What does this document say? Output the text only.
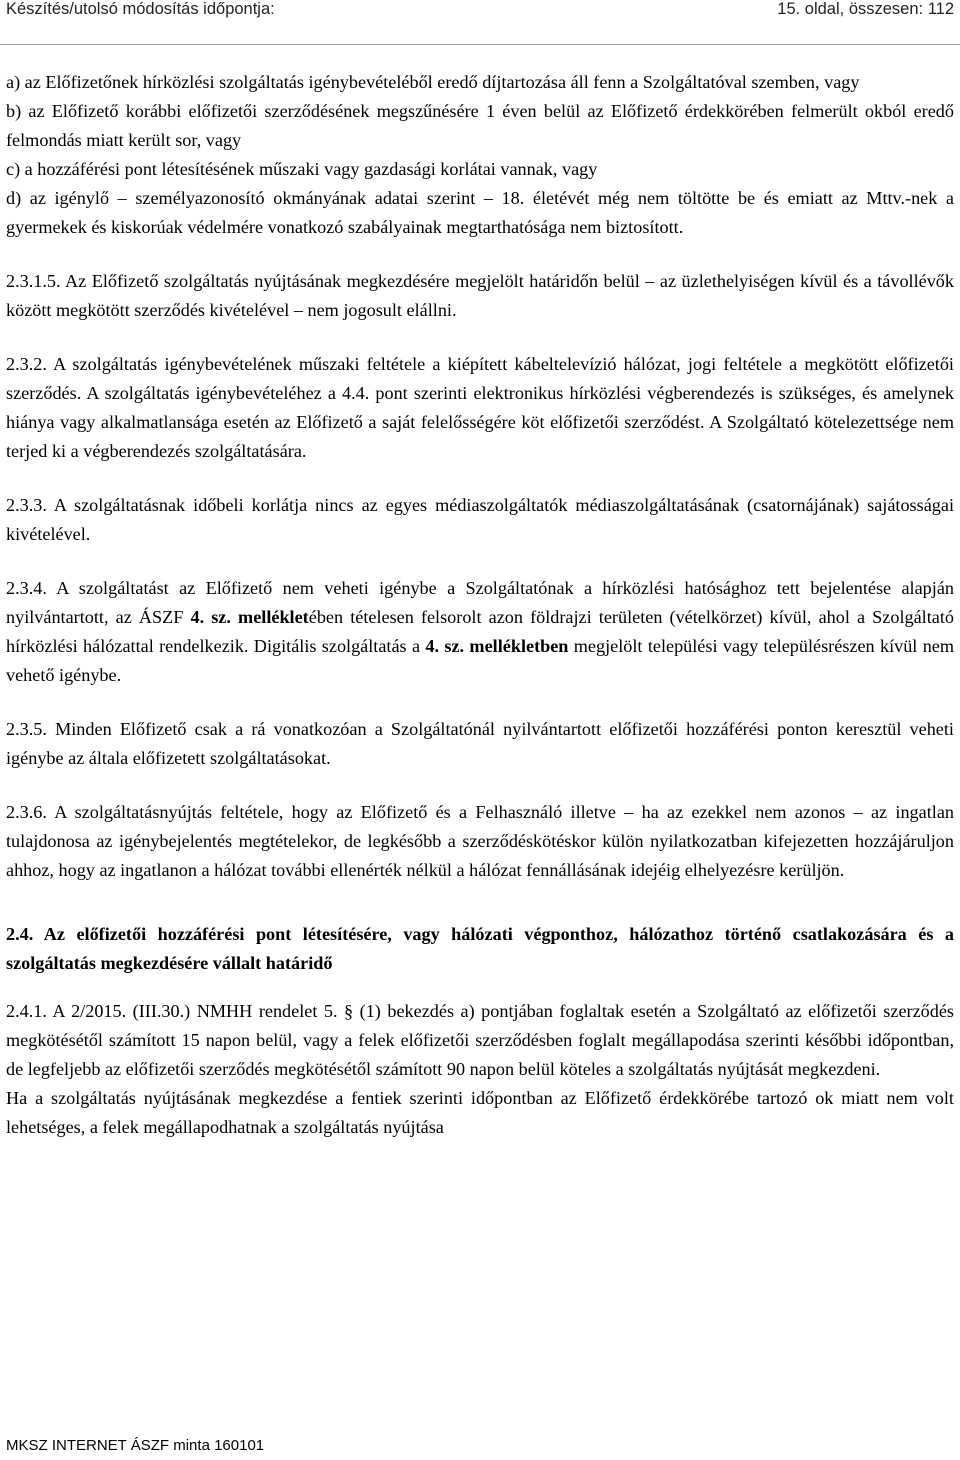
Készítés/utolsó módosítás időpontja:	15. oldal, összesen: 112

a) az Előfizetőnek hírközlési szolgáltatás igénybevételéből eredő díjtartozása áll fenn a Szolgáltatóval szemben, vagy

b) az Előfizető korábbi előfizetői szerződésének megszűnésére 1 éven belül az Előfizető érdekkörében felmerült okból eredő felmondás miatt került sor, vagy

c) a hozzáférési pont létesítésének műszaki vagy gazdasági korlátai vannak, vagy

d) az igénylő – személyazonosító okmányának adatai szerint – 18. életévét még nem töltötte be és emiatt az Mttv.-nek a gyermekek és kiskorúak védelmére vonatkozó szabályainak megtarthatósága nem biztosított.

2.3.1.5. Az Előfizető szolgáltatás nyújtásának megkezdésére megjelölt határidőn belül – az üzlethelyiségen kívül és a távollévők között megkötött szerződés kivételével – nem jogosult elállni.

2.3.2. A szolgáltatás igénybevételének műszaki feltétele a kiépített kábeltelevízió hálózat, jogi feltétele a megkötött előfizetői szerződés. A szolgáltatás igénybevételéhez a 4.4. pont szerinti elektronikus hírközlési végberendezés is szükséges, és amelynek hiánya vagy alkalmatlansága esetén az Előfizető a saját felelősségére köt előfizetői szerződést. A Szolgáltató kötelezettsége nem terjed ki a végberendezés szolgáltatására.

2.3.3. A szolgáltatásnak időbeli korlátja nincs az egyes médiaszolgáltatók médiaszolgáltatásának (csatornájának) sajátosságai kivételével.

2.3.4. A szolgáltatást az Előfizető nem veheti igénybe a Szolgáltatónak a hírközlési hatósághoz tett bejelentése alapján nyilvántartott, az ÁSZF 4. sz. mellékletében tételesen felsorolt azon földrajzi területen (vételkörzet) kívül, ahol a Szolgáltató hírközlési hálózattal rendelkezik. Digitális szolgáltatás a 4. sz. mellékletben megjelölt települési vagy településrészen kívül nem vehető igénybe.

2.3.5. Minden Előfizető csak a rá vonatkozóan a Szolgáltatónál nyilvántartott előfizetői hozzáférési ponton keresztül veheti igénybe az általa előfizetett szolgáltatásokat.

2.3.6. A szolgáltatásnyújtás feltétele, hogy az Előfizető és a Felhasználó illetve – ha az ezekkel nem azonos – az ingatlan tulajdonosa az igénybejelentés megtételekor, de legkésőbb a szerződéskötéskor külön nyilatkozatban kifejezetten hozzájáruljon ahhoz, hogy az ingatlanon a hálózat további ellenérték nélkül a hálózat fennállásának idejéig elhelyezésre kerüljön.

2.4. Az előfizetői hozzáférési pont létesítésére, vagy hálózati végponthoz, hálózathoz történő csatlakozására és a szolgáltatás megkezdésére vállalt határidő

2.4.1. A 2/2015. (III.30.) NMHH rendelet 5. § (1) bekezdés a) pontjában foglaltak esetén a Szolgáltató az előfizetői szerződés megkötésétől számított 15 napon belül, vagy a felek előfizetői szerződésben foglalt megállapodása szerinti későbbi időpontban, de legfeljebb az előfizetői szerződés megkötésétől számított 90 napon belül köteles a szolgáltatás nyújtását megkezdeni.

Ha a szolgáltatás nyújtásának megkezdése a fentiek szerinti időpontban az Előfizető érdekkörébe tartozó ok miatt nem volt lehetséges, a felek megállapodhatnak a szolgáltatás nyújtása

MKSZ INTERNET ÁSZF minta 160101
